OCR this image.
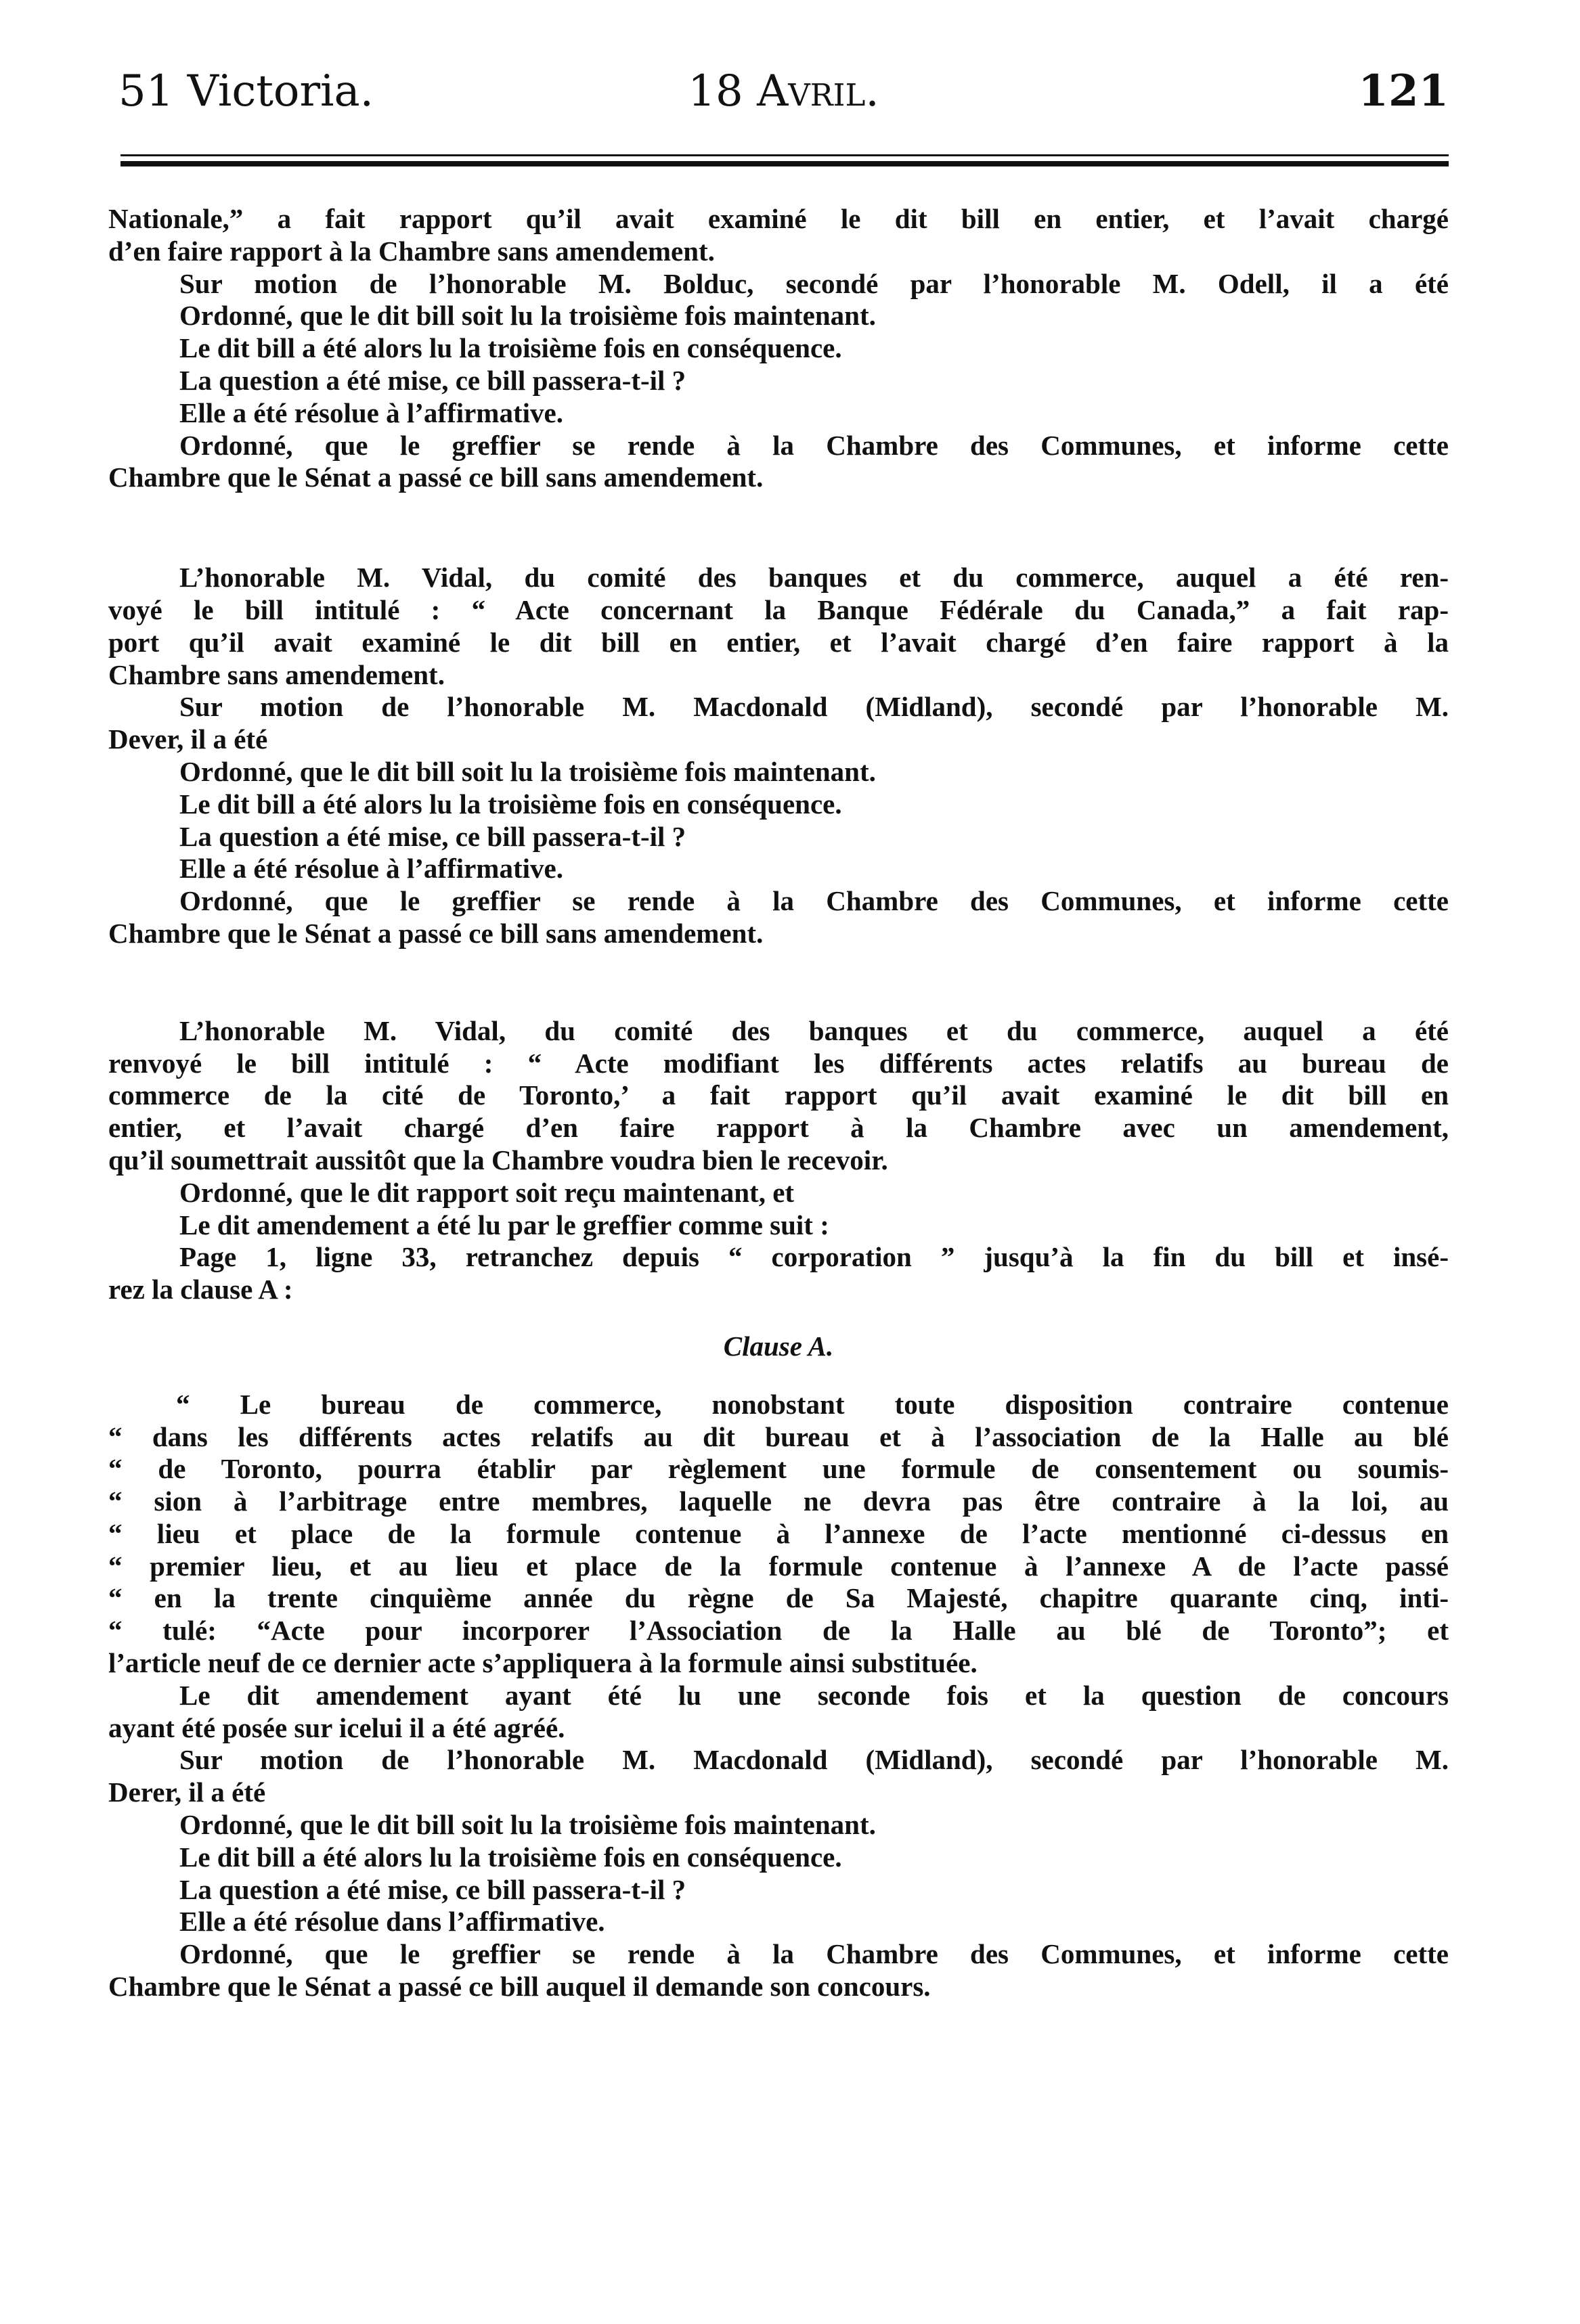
51 Victoria.	18 Avril.	121
Nationale,” a fait rapport qu’il avait examiné le dit bill en entier, et l’avait chargé
d’en faire rapport à la Chambre sans amendement.
Sur motion de l’honorable M. Bolduc, secondé par l’honorable M. Odell, il a été
Ordonné, que le dit bill soit lu la troisième fois maintenant.
Le dit bill a été alors lu la troisième fois en conséquence.
La question a été mise, ce bill passera-t-il ?
Elle a été résolue à l’affirmative.
Ordonné, que le greffier se rende à la Chambre des Communes, et informe cette
Chambre que le Sénat a passé ce bill sans amendement.
L’honorable M. Vidal, du comité des banques et du commerce, auquel a été ren-
voyé le bill intitulé : “ Acte concernant la Banque Fédérale du Canada,” a fait rap-
port qu’il avait examiné le dit bill en entier, et l’avait chargé d’en faire rapport à la
Chambre sans amendement.
Sur motion de l’honorable M. Macdonald (Midland), secondé par l’honorable M.
Dever, il a été
Ordonné, que le dit bill soit lu la troisième fois maintenant.
Le dit bill a été alors lu la troisième fois en conséquence.
La question a été mise, ce bill passera-t-il ?
Elle a été résolue à l’affirmative.
Ordonné, que le greffier se rende à la Chambre des Communes, et informe cette
Chambre que le Sénat a passé ce bill sans amendement.
L’honorable M. Vidal, du comité des banques et du commerce, auquel a été
renvoyé le bill intitulé : “ Acte modifiant les différents actes relatifs au bureau de
commerce de la cité de Toronto,’ a fait rapport qu’il avait examiné le dit bill en
entier, et l’avait chargé d’en faire rapport à la Chambre avec un amendement,
qu’il soumettrait aussitôt que la Chambre voudra bien le recevoir.
Ordonné, que le dit rapport soit reçu maintenant, et
Le dit amendement a été lu par le greffier comme suit :
Page 1, ligne 33, retranchez depuis “ corporation ” jusqu’à la fin du bill et insé-
rez la clause A :
Clause A.
“ Le bureau de commerce, nonobstant toute disposition contraire contenue
“ dans les différents actes relatifs au dit bureau et à l’association de la Halle au blé
“ de Toronto, pourra établir par règlement une formule de consentement ou soumis-
“ sion à l’arbitrage entre membres, laquelle ne devra pas être contraire à la loi, au
“ lieu et place de la formule contenue à l’annexe de l’acte mentionné ci-dessus en
“ premier lieu, et au lieu et place de la formule contenue à l’annexe A de l’acte passé
“ en la trente cinquième année du règne de Sa Majesté, chapitre quarante cinq, inti-
“ tulé: “Acte pour incorporer l’Association de la Halle au blé de Toronto”; et
l’article neuf de ce dernier acte s’appliquera à la formule ainsi substituée.
Le dit amendement ayant été lu une seconde fois et la question de concours
ayant été posée sur icelui il a été agréé.
Sur motion de l’honorable M. Macdonald (Midland), secondé par l’honorable M.
Derer, il a été
Ordonné, que le dit bill soit lu la troisième fois maintenant.
Le dit bill a été alors lu la troisième fois en conséquence.
La question a été mise, ce bill passera-t-il ?
Elle a été résolue dans l’affirmative.
Ordonné, que le greffier se rende à la Chambre des Communes, et informe cette
Chambre que le Sénat a passé ce bill auquel il demande son concours.
